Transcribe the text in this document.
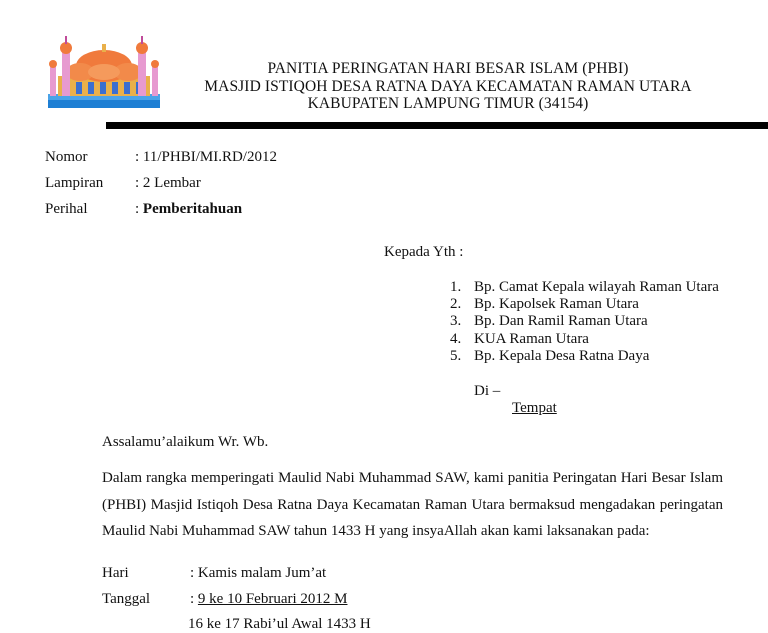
PANITIA PERINGATAN HARI BESAR ISLAM (PHBI)
MASJID ISTIQOH DESA RATNA DAYA KECAMATAN RAMAN UTARA
KABUPATEN LAMPUNG TIMUR (34154)
Nomor	: 11/PHBI/MI.RD/2012
Lampiran : 2 Lembar
Perihal	: Pemberitahuan
Kepada Yth :
1. Bp. Camat Kepala wilayah Raman Utara
2. Bp. Kapolsek Raman Utara
3. Bp. Dan Ramil Raman Utara
4. KUA Raman Utara
5. Bp. Kepala Desa Ratna Daya
Di –
Tempat
Assalamu’alaikum Wr. Wb.
Dalam rangka memperingati Maulid Nabi Muhammad SAW, kami panitia Peringatan Hari Besar Islam (PHBI) Masjid Istiqoh Desa Ratna Daya Kecamatan Raman Utara bermaksud mengadakan peringatan Maulid Nabi Muhammad SAW tahun 1433 H yang insyaAllah akan kami laksanakan pada:
Hari	: Kamis malam Jum’at
Tanggal	: 9 ke 10 Februari 2012 M
16 ke 17 Rabi’ul Awal 1433 H
